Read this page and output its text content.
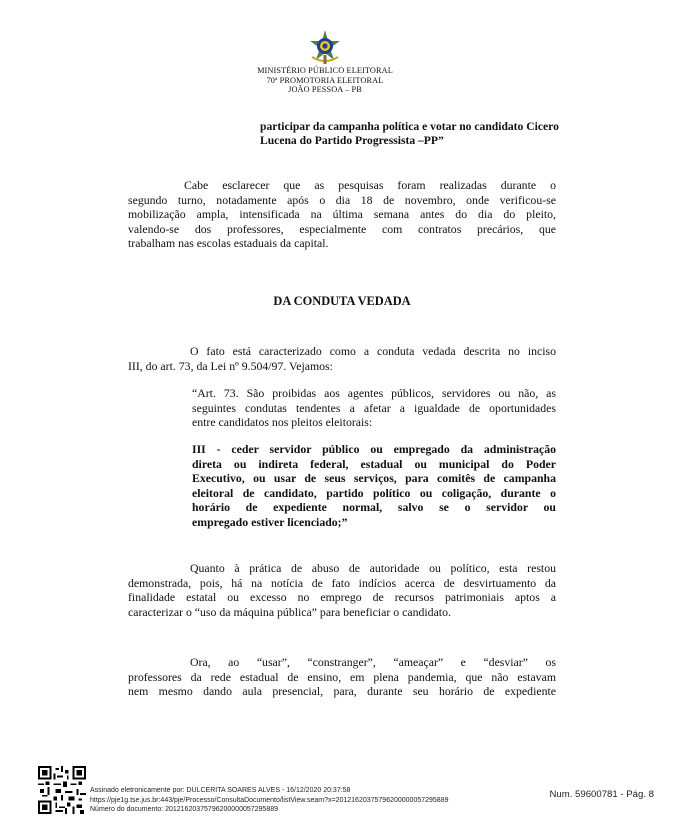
MINISTÉRIO PÚBLICO ELEITORAL
70ª PROMOTORIA ELEITORAL
JOÃO PESSOA – PB
participar da campanha política e votar no candidato Cicero
Lucena do Partido Progressista –PP”
Cabe esclarecer que as pesquisas foram realizadas durante o
segundo turno, notadamente após o dia 18 de novembro, onde verificou-se
mobilização ampla, intensificada na última semana antes do dia do pleito,
valendo-se dos professores, especialmente com contratos precários, que
trabalham nas escolas estaduais da capital.
DA CONDUTA VEDADA
O fato está caracterizado como a conduta vedada descrita no inciso
III, do art. 73, da Lei nº 9.504/97. Vejamos:
“Art. 73. São proibidas aos agentes públicos, servidores ou não, as
seguintes condutas tendentes a afetar a igualdade de oportunidades
entre candidatos nos pleitos eleitorais:
III - ceder servidor público ou empregado da administração
direta ou indireta federal, estadual ou municipal do Poder
Executivo, ou usar de seus serviços, para comitês de campanha
eleitoral de candidato, partido político ou coligação, durante o
horário de expediente normal, salvo se o servidor ou
empregado estiver licenciado;”
Quanto à prática de abuso de autoridade ou político, esta restou
demonstrada, pois, há na notícia de fato indícios acerca de desvirtuamento da
finalidade estatal ou excesso no emprego de recursos patrimoniais aptos a
caracterizar o “uso da máquina pública” para beneficiar o candidato.
Ora, ao “usar”, “constranger”, “ameaçar” e “desviar” os
professores da rede estadual de ensino, em plena pandemia, que não estavam
nem mesmo dando aula presencial, para, durante seu horário de expediente
Assinado eletronicamente por: DULCERITA SOARES ALVES - 16/12/2020 20:37:58
https://pje1g.tse.jus.br:443/pje/Processo/ConsultaDocumento/listView.seam?x=20121620375796200000057295889
Número do documento: 20121620375796200000057295889
Num. 59600781 - Pág. 8
